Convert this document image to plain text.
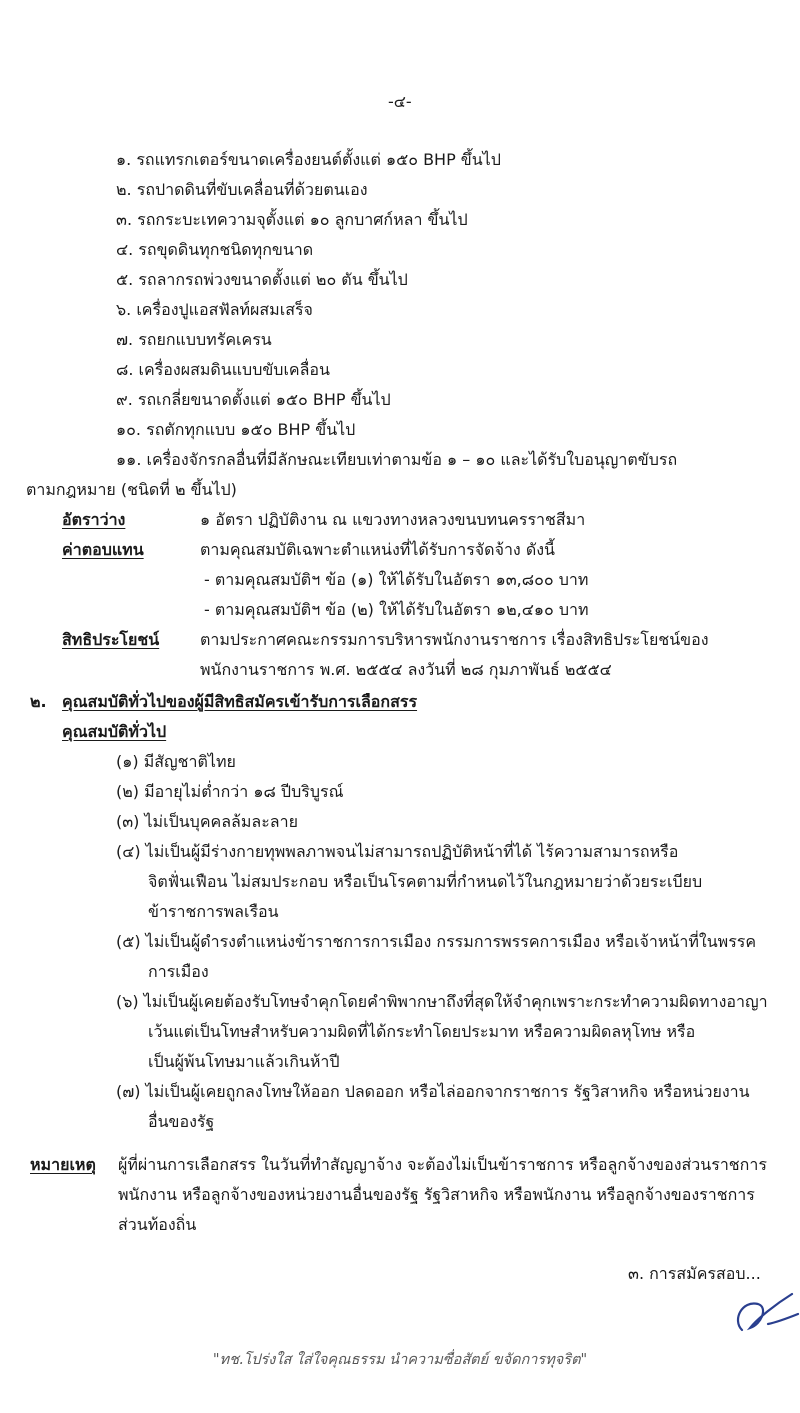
-๔-
๑. รถแทรกเตอร์ขนาดเครื่องยนต์ตั้งแต่ ๑๕๐ BHP ขึ้นไป
๒. รถปาดดินที่ขับเคลื่อนที่ด้วยตนเอง
๓. รถกระบะเทความจุตั้งแต่ ๑๐ ลูกบาศก์หลา ขึ้นไป
๔. รถขุดดินทุกชนิดทุกขนาด
๕. รถลากรถพ่วงขนาดตั้งแต่ ๒๐ ตัน ขึ้นไป
๖. เครื่องปูแอสฟัลท์ผสมเสร็จ
๗. รถยกแบบทรัคเครน
๘. เครื่องผสมดินแบบขับเคลื่อน
๙. รถเกลี่ยขนาดตั้งแต่ ๑๕๐ BHP ขึ้นไป
๑๐. รถตักทุกแบบ ๑๕๐ BHP ขึ้นไป
๑๑. เครื่องจักรกลอื่นที่มีลักษณะเทียบเท่าตามข้อ ๑ – ๑๐ และได้รับใบอนุญาตขับรถ
ตามกฎหมาย (ชนิดที่ ๒ ขึ้นไป)
อัตราว่าง	๑ อัตรา ปฏิบัติงาน ณ แขวงทางหลวงขนบทนครราชสีมา
ค่าตอบแทน	ตามคุณสมบัติเฉพาะตำแหน่งที่ได้รับการจัดจ้าง ดังนี้
- ตามคุณสมบัติฯ ข้อ (๑) ให้ได้รับในอัตรา ๑๓,๘๐๐ บาท
- ตามคุณสมบัติฯ ข้อ (๒) ให้ได้รับในอัตรา ๑๒,๔๑๐ บาท
สิทธิประโยชน์	ตามประกาศคณะกรรมการบริหารพนักงานราชการ เรื่องสิทธิประโยชน์ของ
พนักงานราชการ พ.ศ. ๒๕๕๔ ลงวันที่ ๒๘ กุมภาพันธ์ ๒๕๕๔
๒. คุณสมบัติทั่วไปของผู้มีสิทธิสมัครเข้ารับการเลือกสรร
คุณสมบัติทั่วไป
(๑) มีสัญชาติไทย
(๒) มีอายุไม่ต่ำกว่า ๑๘ ปีบริบูรณ์
(๓) ไม่เป็นบุคคลล้มละลาย
(๔) ไม่เป็นผู้มีร่างกายทุพพลภาพจนไม่สามารถปฏิบัติหน้าที่ได้ ไร้ความสามารถหรือ
จิตฟั่นเฟือน ไม่สมประกอบ หรือเป็นโรคตามที่กำหนดไว้ในกฎหมายว่าด้วยระเบียบ
ข้าราชการพลเรือน
(๕) ไม่เป็นผู้ดำรงตำแหน่งข้าราชการการเมือง กรรมการพรรคการเมือง หรือเจ้าหน้าที่ในพรรค
การเมือง
(๖) ไม่เป็นผู้เคยต้องรับโทษจำคุกโดยคำพิพากษาถึงที่สุดให้จำคุกเพราะกระทำความผิดทางอาญา
เว้นแต่เป็นโทษสำหรับความผิดที่ได้กระทำโดยประมาท หรือความผิดลหุโทษ หรือ
เป็นผู้พ้นโทษมาแล้วเกินห้าปี
(๗) ไม่เป็นผู้เคยถูกลงโทษให้ออก ปลดออก หรือไล่ออกจากราชการ รัฐวิสาหกิจ หรือหน่วยงาน
อื่นของรัฐ
หมายเหตุ ผู้ที่ผ่านการเลือกสรร ในวันที่ทำสัญญาจ้าง จะต้องไม่เป็นข้าราชการ หรือลูกจ้างของส่วนราชการ
พนักงาน หรือลูกจ้างของหน่วยงานอื่นของรัฐ รัฐวิสาหกิจ หรือพนักงาน หรือลูกจ้างของราชการ
ส่วนท้องถิ่น
๓. การสมัครสอบ...
"ทช.โปร่งใส ใส่ใจคุณธรรม นำความซื่อสัตย์ ขจัดการทุจริต"
